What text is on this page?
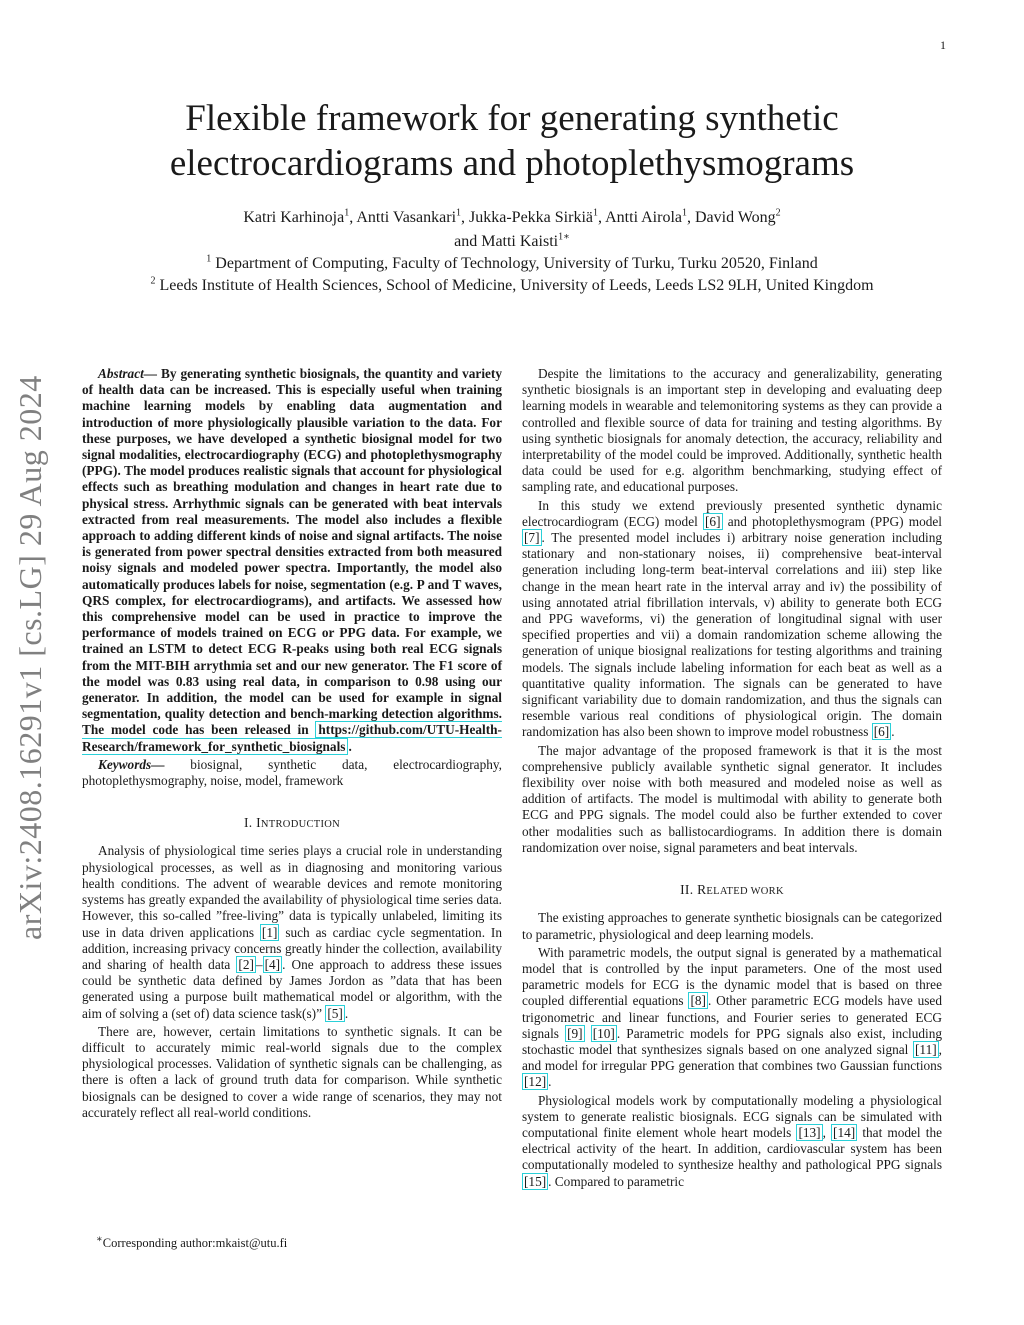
1
arXiv:2408.16291v1 [cs.LG] 29 Aug 2024
Flexible framework for generating synthetic electrocardiograms and photoplethysmograms
Katri Karhinoja$^1$, Antti Vasankari$^1$, Jukka-Pekka Sirkiä$^1$, Antti Airola$^1$, David Wong$^2$
and Matti Kaisti$^{1∗}$
$^1$ Department of Computing, Faculty of Technology, University of Turku, Turku 20520, Finland
$^2$ Leeds Institute of Health Sciences, School of Medicine, University of Leeds, Leeds LS2 9LH, United Kingdom

Abstract— By generating synthetic biosignals, the quantity and variety of health data can be increased. This is especially useful when training machine learning models by enabling data augmentation and introduction of more physiologically plausible variation to the data. For these purposes, we have developed a synthetic biosignal model for two signal modalities, electrocardiography (ECG) and photoplethysmography (PPG). The model produces realistic signals that account for physiological effects such as breathing modulation and changes in heart rate due to physical stress. Arrhythmic signals can be generated with beat intervals extracted from real measurements. The model also includes a flexible approach to adding different kinds of noise and signal artifacts. The noise is generated from power spectral densities extracted from both measured noisy signals and modeled power spectra. Importantly, the model also automatically produces labels for noise, segmentation (e.g. P and T waves, QRS complex, for electrocardiograms), and artifacts. We assessed how this comprehensive model can be used in practice to improve the performance of models trained on ECG or PPG data. For example, we trained an LSTM to detect ECG R-peaks using both real ECG signals from the MIT-BIH arrythmia set and our new generator. The F1 score of the model was 0.83 using real data, in comparison to 0.98 using our generator. In addition, the model can be used for example in signal segmentation, quality detection and bench-marking detection algorithms. The model code has been released in https://github.com/UTU-Health-Research/framework_for_synthetic_biosignals .

Keywords— biosignal, synthetic data, electrocardiography, photoplethysmography, noise, model, framework

I. INTRODUCTION

Analysis of physiological time series plays a crucial role in understanding physiological processes, as well as in diagnosing and monitoring various health conditions. The advent of wearable devices and remote monitoring systems has greatly expanded the availability of physiological time series data. However, this so-called ”free-living” data is typically unlabeled, limiting its use in data driven applications [1] such as cardiac cycle segmentation. In addition, increasing privacy concerns greatly hinder the collection, availability and sharing of health data [2] – [4] . One approach to address these issues could be synthetic data defined by James Jordon as ”data that has been generated using a purpose built mathematical model or algorithm, with the aim of solving a (set of) data science task(s)” [5] .

There are, however, certain limitations to synthetic signals. It can be difficult to accurately mimic real-world signals due to the complex physiological processes. Validation of synthetic signals can be challenging, as there is often a lack of ground truth data for comparison. While synthetic biosignals can be designed to cover a wide range of scenarios, they may not accurately reflect all real-world conditions.

∗Corresponding author:mkaist@utu.fi

Despite the limitations to the accuracy and generalizability, generating synthetic biosignals is an important step in developing and evaluating deep learning models in wearable and telemonitoring systems as they can provide a controlled and flexible source of data for training and testing algorithms. By using synthetic biosignals for anomaly detection, the accuracy, reliability and interpretability of the model could be improved. Additionally, synthetic health data could be used for e.g. algorithm benchmarking, studying effect of sampling rate, and educational purposes.

In this study we extend previously presented synthetic dynamic electrocardiogram (ECG) model [6] and photoplethysmogram (PPG) model [7] . The presented model includes i) arbitrary noise generation including stationary and non-stationary noises, ii) comprehensive beat-interval generation including long-term beat-interval correlations and iii) step like change in the mean heart rate in the interval array and iv) the possibility of using annotated atrial fibrillation intervals, v) ability to generate both ECG and PPG waveforms, vi) the generation of longitudinal signal with user specified properties and vii) a domain randomization scheme allowing the generation of unique biosignal realizations for testing algorithms and training models. The signals include labeling information for each beat as well as a quantitative quality information. The signals can be generated to have significant variability due to domain randomization, and thus the signals can resemble various real conditions of physiological origin. The domain randomization has also been shown to improve model robustness [6] .

The major advantage of the proposed framework is that it is the most comprehensive publicly available synthetic signal generator. It includes flexibility over noise with both measured and modeled noise as well as addition of artifacts. The model is multimodal with ability to generate both ECG and PPG signals. The model could also be further extended to cover other modalities such as ballistocardiograms. In addition there is domain randomization over noise, signal parameters and beat intervals.

II. RELATED WORK

The existing approaches to generate synthetic biosignals can be categorized to parametric, physiological and deep learning models.

With parametric models, the output signal is generated by a mathematical model that is controlled by the input parameters. One of the most used parametric models for ECG is the dynamic model that is based on three coupled differential equations [8] . Other parametric ECG models have used trigonometric and linear functions, and Fourier series to generated ECG signals [9] [10] . Parametric models for PPG signals also exist, including stochastic model that synthesizes signals based on one analyzed signal [11] , and model for irregular PPG generation that combines two Gaussian functions [12] .

Physiological models work by computationally modeling a physiological system to generate realistic biosignals. ECG signals can be simulated with computational finite element whole heart models [13] , [14] that model the electrical activity of the heart. In addition, cardiovascular system has been computationally modeled to synthesize healthy and pathological PPG signals [15] . Compared to parametric
